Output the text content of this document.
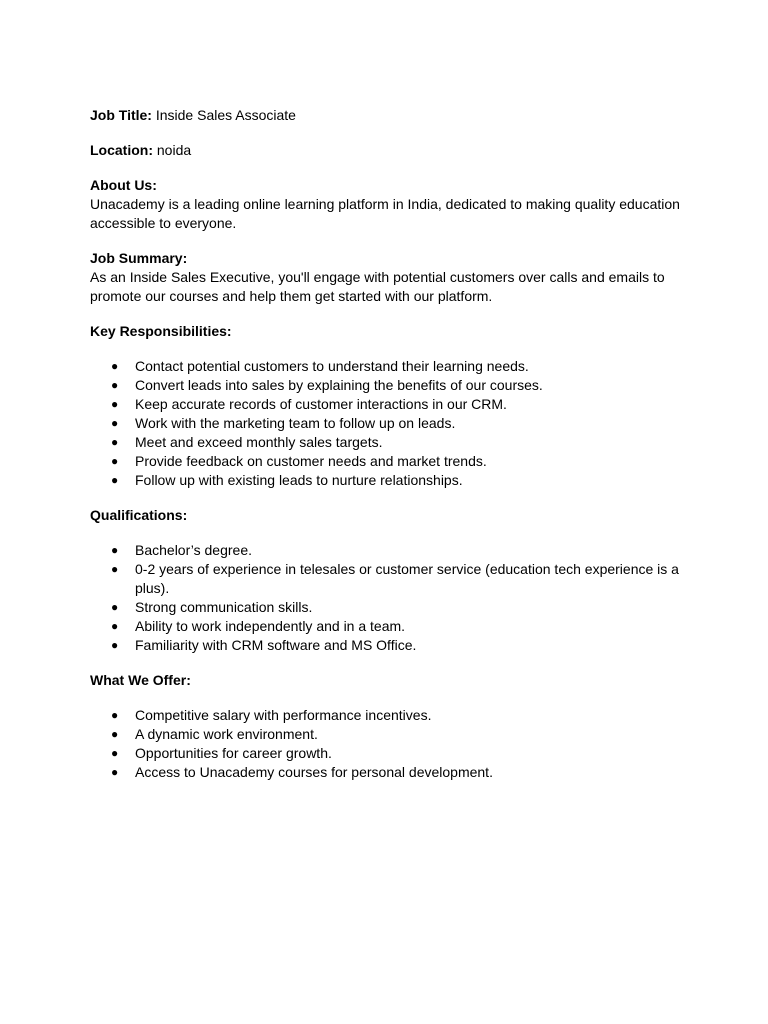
Job Title: Inside Sales Associate

Location: noida

About Us:

Unacademy is a leading online learning platform in India, dedicated to making quality education accessible to everyone.

Job Summary:

As an Inside Sales Executive, you'll engage with potential customers over calls and emails to promote our courses and help them get started with our platform.

Key Responsibilities:

● Contact potential customers to understand their learning needs.
● Convert leads into sales by explaining the benefits of our courses.
● Keep accurate records of customer interactions in our CRM.
● Work with the marketing team to follow up on leads.
● Meet and exceed monthly sales targets.
● Provide feedback on customer needs and market trends.
● Follow up with existing leads to nurture relationships.

Qualifications:

● Bachelor’s degree.
● 0-2 years of experience in telesales or customer service (education tech experience is a plus).
● Strong communication skills.
● Ability to work independently and in a team.
● Familiarity with CRM software and MS Office.

What We Offer:

● Competitive salary with performance incentives.
● A dynamic work environment.
● Opportunities for career growth.
● Access to Unacademy courses for personal development.
